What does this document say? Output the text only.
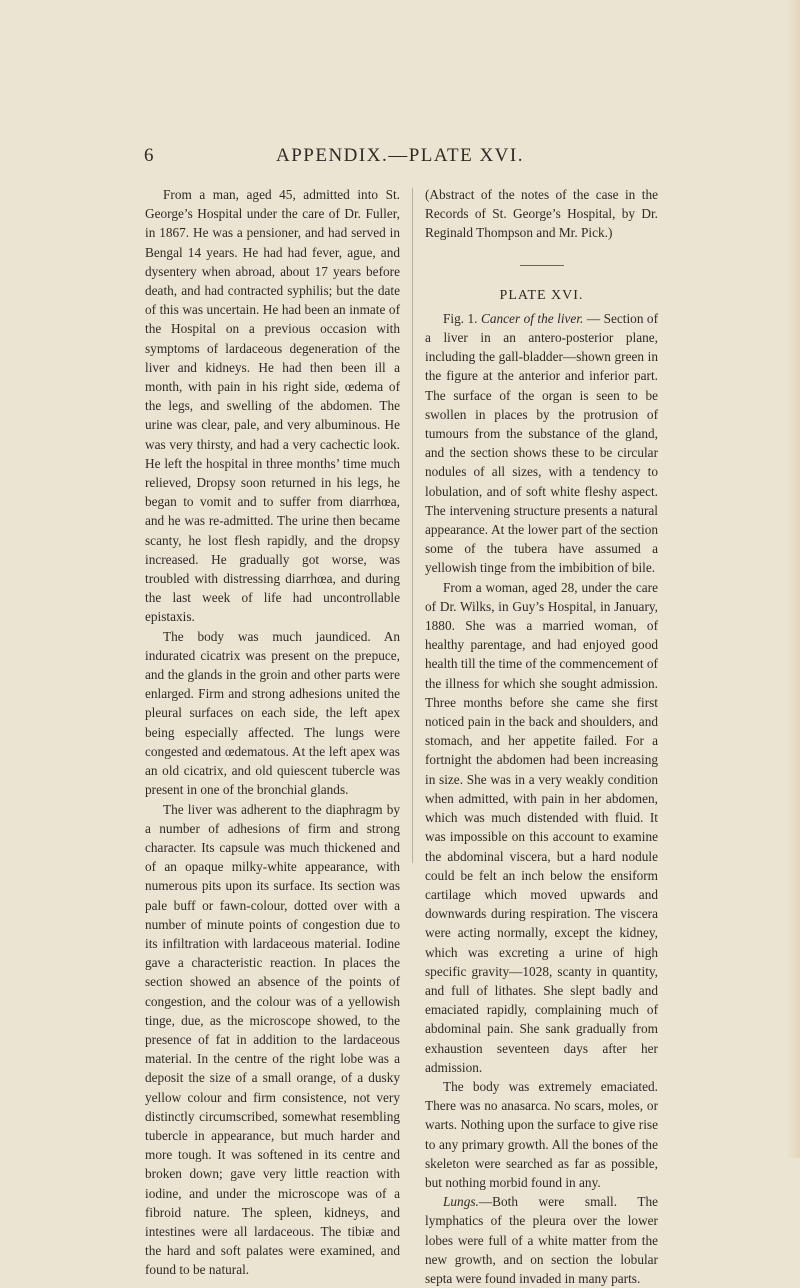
6	APPENDIX.—PLATE XVI.

From a man, aged 45, admitted into St. George’s Hospital under the care of Dr. Fuller, in 1867. He was a pensioner, and had served in Bengal 14 years. He had had fever, ague, and dysentery when abroad, about 17 years before death, and had contracted syphilis; but the date of this was uncertain. He had been an inmate of the Hospital on a previous occasion with symptoms of lardaceous degeneration of the liver and kidneys. He had then been ill a month, with pain in his right side, œdema of the legs, and swelling of the abdomen. The urine was clear, pale, and very albuminous. He was very thirsty, and had a very cachectic look. He left the hospital in three months’ time much relieved, Dropsy soon returned in his legs, he began to vomit and to suffer from diarrhœa, and he was re-admitted. The urine then became scanty, he lost flesh rapidly, and the dropsy increased. He gradually got worse, was troubled with distressing diarrhœa, and during the last week of life had uncontrollable epistaxis.

The body was much jaundiced. An indurated cicatrix was present on the prepuce, and the glands in the groin and other parts were enlarged. Firm and strong adhesions united the pleural surfaces on each side, the left apex being especially affected. The lungs were congested and œdematous. At the left apex was an old cicatrix, and old quiescent tubercle was present in one of the bronchial glands.

The liver was adherent to the diaphragm by a number of adhesions of firm and strong character. Its capsule was much thickened and of an opaque milky-white appearance, with numerous pits upon its surface. Its section was pale buff or fawn-colour, dotted over with a number of minute points of congestion due to its infiltration with lardaceous material. Iodine gave a characteristic reaction. In places the section showed an absence of the points of congestion, and the colour was of a yellowish tinge, due, as the microscope showed, to the presence of fat in addition to the lardaceous material. In the centre of the right lobe was a deposit the size of a small orange, of a dusky yellow colour and firm consistence, not very distinctly circumscribed, somewhat resembling tubercle in appearance, but much harder and more tough. It was softened in its centre and broken down; gave very little reaction with iodine, and under the microscope was of a fibroid nature. The spleen, kidneys, and intestines were all lardaceous. The tibiæ and the hard and soft palates were examined, and found to be natural.

(Abstract of the notes of the case in the Records of St. George’s Hospital, by Dr. Reginald Thompson and Mr. Pick.)

PLATE XVI.

Fig. 1. Cancer of the liver. — Section of a liver in an antero-posterior plane, including the gall-bladder—shown green in the figure at the anterior and inferior part. The surface of the organ is seen to be swollen in places by the protrusion of tumours from the substance of the gland, and the section shows these to be circular nodules of all sizes, with a tendency to lobulation, and of soft white fleshy aspect. The intervening structure presents a natural appearance. At the lower part of the section some of the tubera have assumed a yellowish tinge from the imbibition of bile.

From a woman, aged 28, under the care of Dr. Wilks, in Guy’s Hospital, in January, 1880. She was a married woman, of healthy parentage, and had enjoyed good health till the time of the commencement of the illness for which she sought admission. Three months before she came she first noticed pain in the back and shoulders, and stomach, and her appetite failed. For a fortnight the abdomen had been increasing in size. She was in a very weakly condition when admitted, with pain in her abdomen, which was much distended with fluid. It was impossible on this account to examine the abdominal viscera, but a hard nodule could be felt an inch below the ensiform cartilage which moved upwards and downwards during respiration. The viscera were acting normally, except the kidney, which was excreting a urine of high specific gravity—1028, scanty in quantity, and full of lithates. She slept badly and emaciated rapidly, complaining much of abdominal pain. She sank gradually from exhaustion seventeen days after her admission.

The body was extremely emaciated. There was no anasarca. No scars, moles, or warts. Nothing upon the surface to give rise to any primary growth. All the bones of the skeleton were searched as far as possible, but nothing morbid found in any.

Lungs.—Both were small. The lymphatics of the pleura over the lower lobes were full of a white matter from the new growth, and on section the lobular septa were found invaded in many parts.
